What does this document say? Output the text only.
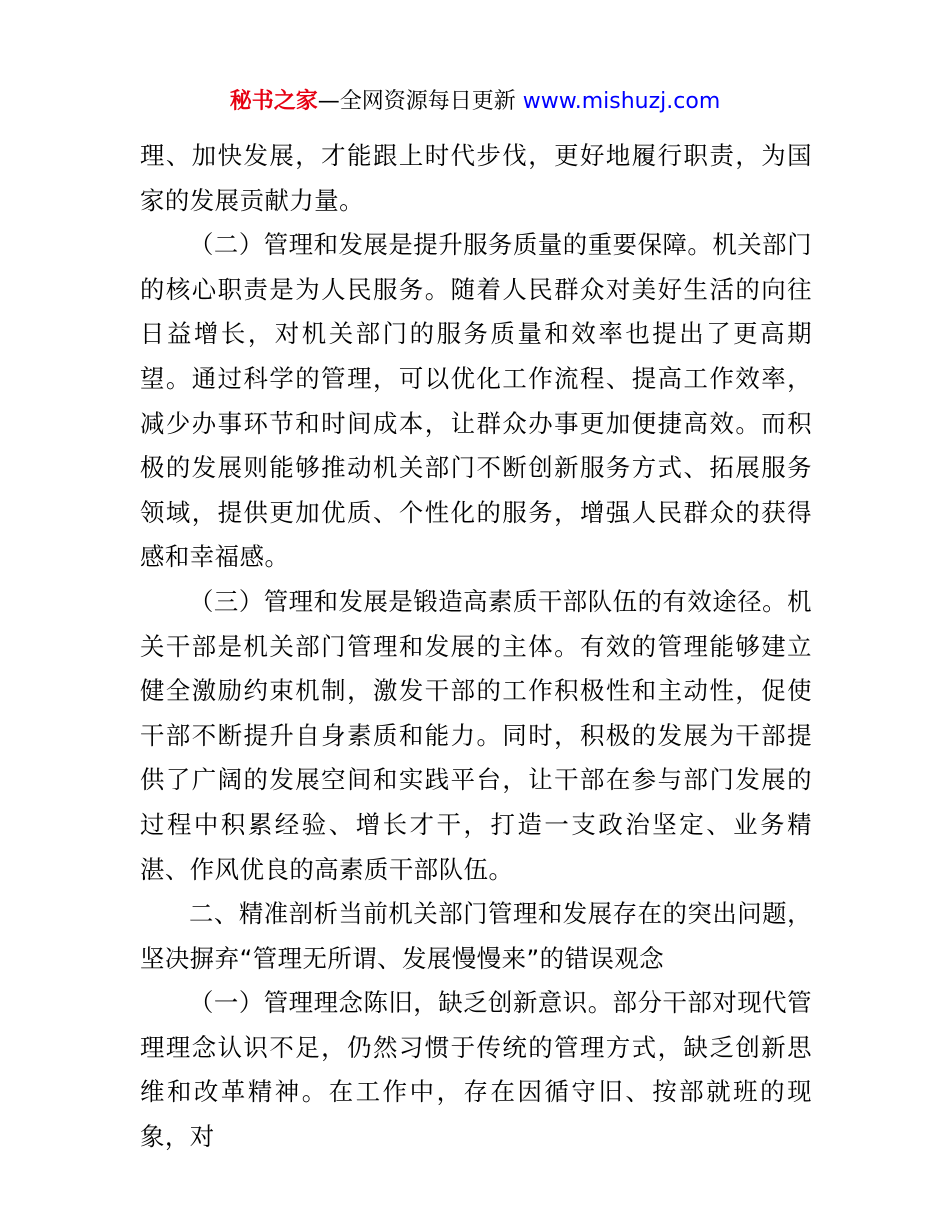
秘书之家—全网资源每日更新 www.mishuzj.com

理、加快发展，才能跟上时代步伐，更好地履行职责，为国家的发展贡献力量。

（二）管理和发展是提升服务质量的重要保障。机关部门的核心职责是为人民服务。随着人民群众对美好生活的向往日益增长，对机关部门的服务质量和效率也提出了更高期望。通过科学的管理，可以优化工作流程、提高工作效率，减少办事环节和时间成本，让群众办事更加便捷高效。而积极的发展则能够推动机关部门不断创新服务方式、拓展服务领域，提供更加优质、个性化的服务，增强人民群众的获得感和幸福感。

（三）管理和发展是锻造高素质干部队伍的有效途径。机关干部是机关部门管理和发展的主体。有效的管理能够建立健全激励约束机制，激发干部的工作积极性和主动性，促使干部不断提升自身素质和能力。同时，积极的发展为干部提供了广阔的发展空间和实践平台，让干部在参与部门发展的过程中积累经验、增长才干，打造一支政治坚定、业务精湛、作风优良的高素质干部队伍。

二、精准剖析当前机关部门管理和发展存在的突出问题，坚决摒弃“管理无所谓、发展慢慢来”的错误观念

（一）管理理念陈旧，缺乏创新意识。部分干部对现代管理理念认识不足，仍然习惯于传统的管理方式，缺乏创新思维和改革精神。在工作中，存在因循守旧、按部就班的现象，对
